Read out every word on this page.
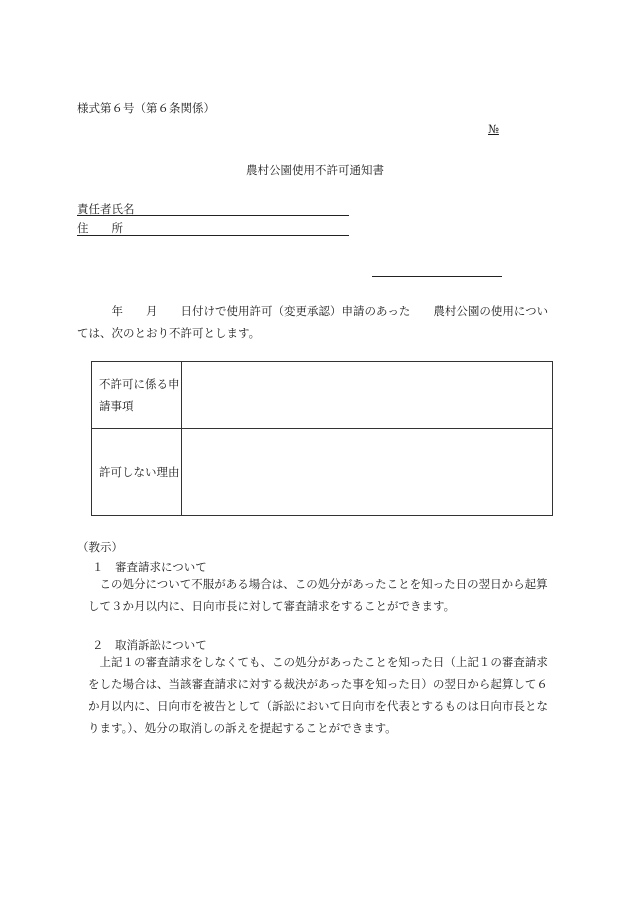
様式第６号（第６条関係）
№
農村公園使用不許可通知書
責任者氏名
住　　所

　　　年　　月　　日付けで使用許可（変更承認）申請のあった　　農村公園の使用については、次のとおり不許可とします。

不許可に係る申請事項	
許可しない理由	
（教示）
１　審査請求について

　この処分について不服がある場合は、この処分があったことを知った日の翌日から起算して３か月以内に、日向市長に対して審査請求をすることができます。

２　取消訴訟について

　上記１の審査請求をしなくても、この処分があったことを知った日（上記１の審査請求をした場合は、当該審査請求に対する裁決があった事を知った日）の翌日から起算して６か月以内に、日向市を被告として（訴訟において日向市を代表とするものは日向市長となります。）、処分の取消しの訴えを提起することができます。
